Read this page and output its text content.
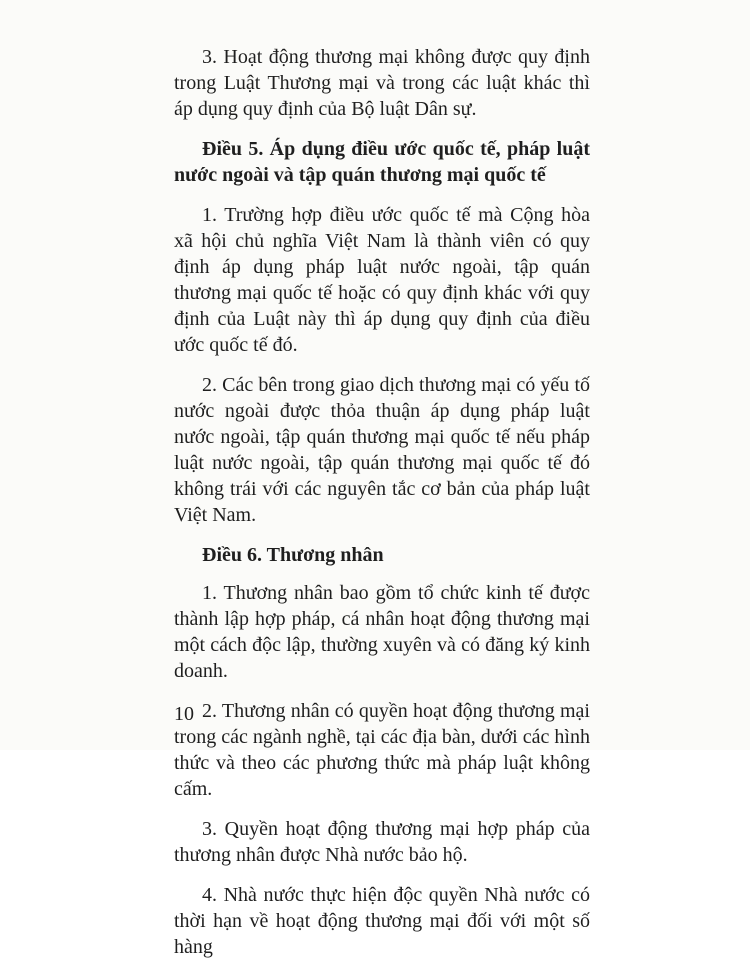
3. Hoạt động thương mại không được quy định trong Luật Thương mại và trong các luật khác thì áp dụng quy định của Bộ luật Dân sự.

Điều 5. Áp dụng điều ước quốc tế, pháp luật nước ngoài và tập quán thương mại quốc tế

1. Trường hợp điều ước quốc tế mà Cộng hòa xã hội chủ nghĩa Việt Nam là thành viên có quy định áp dụng pháp luật nước ngoài, tập quán thương mại quốc tế hoặc có quy định khác với quy định của Luật này thì áp dụng quy định của điều ước quốc tế đó.

2. Các bên trong giao dịch thương mại có yếu tố nước ngoài được thỏa thuận áp dụng pháp luật nước ngoài, tập quán thương mại quốc tế nếu pháp luật nước ngoài, tập quán thương mại quốc tế đó không trái với các nguyên tắc cơ bản của pháp luật Việt Nam.

Điều 6. Thương nhân

1. Thương nhân bao gồm tổ chức kinh tế được thành lập hợp pháp, cá nhân hoạt động thương mại một cách độc lập, thường xuyên và có đăng ký kinh doanh.

2. Thương nhân có quyền hoạt động thương mại trong các ngành nghề, tại các địa bàn, dưới các hình thức và theo các phương thức mà pháp luật không cấm.

3. Quyền hoạt động thương mại hợp pháp của thương nhân được Nhà nước bảo hộ.

4. Nhà nước thực hiện độc quyền Nhà nước có thời hạn về hoạt động thương mại đối với một số hàng

10
